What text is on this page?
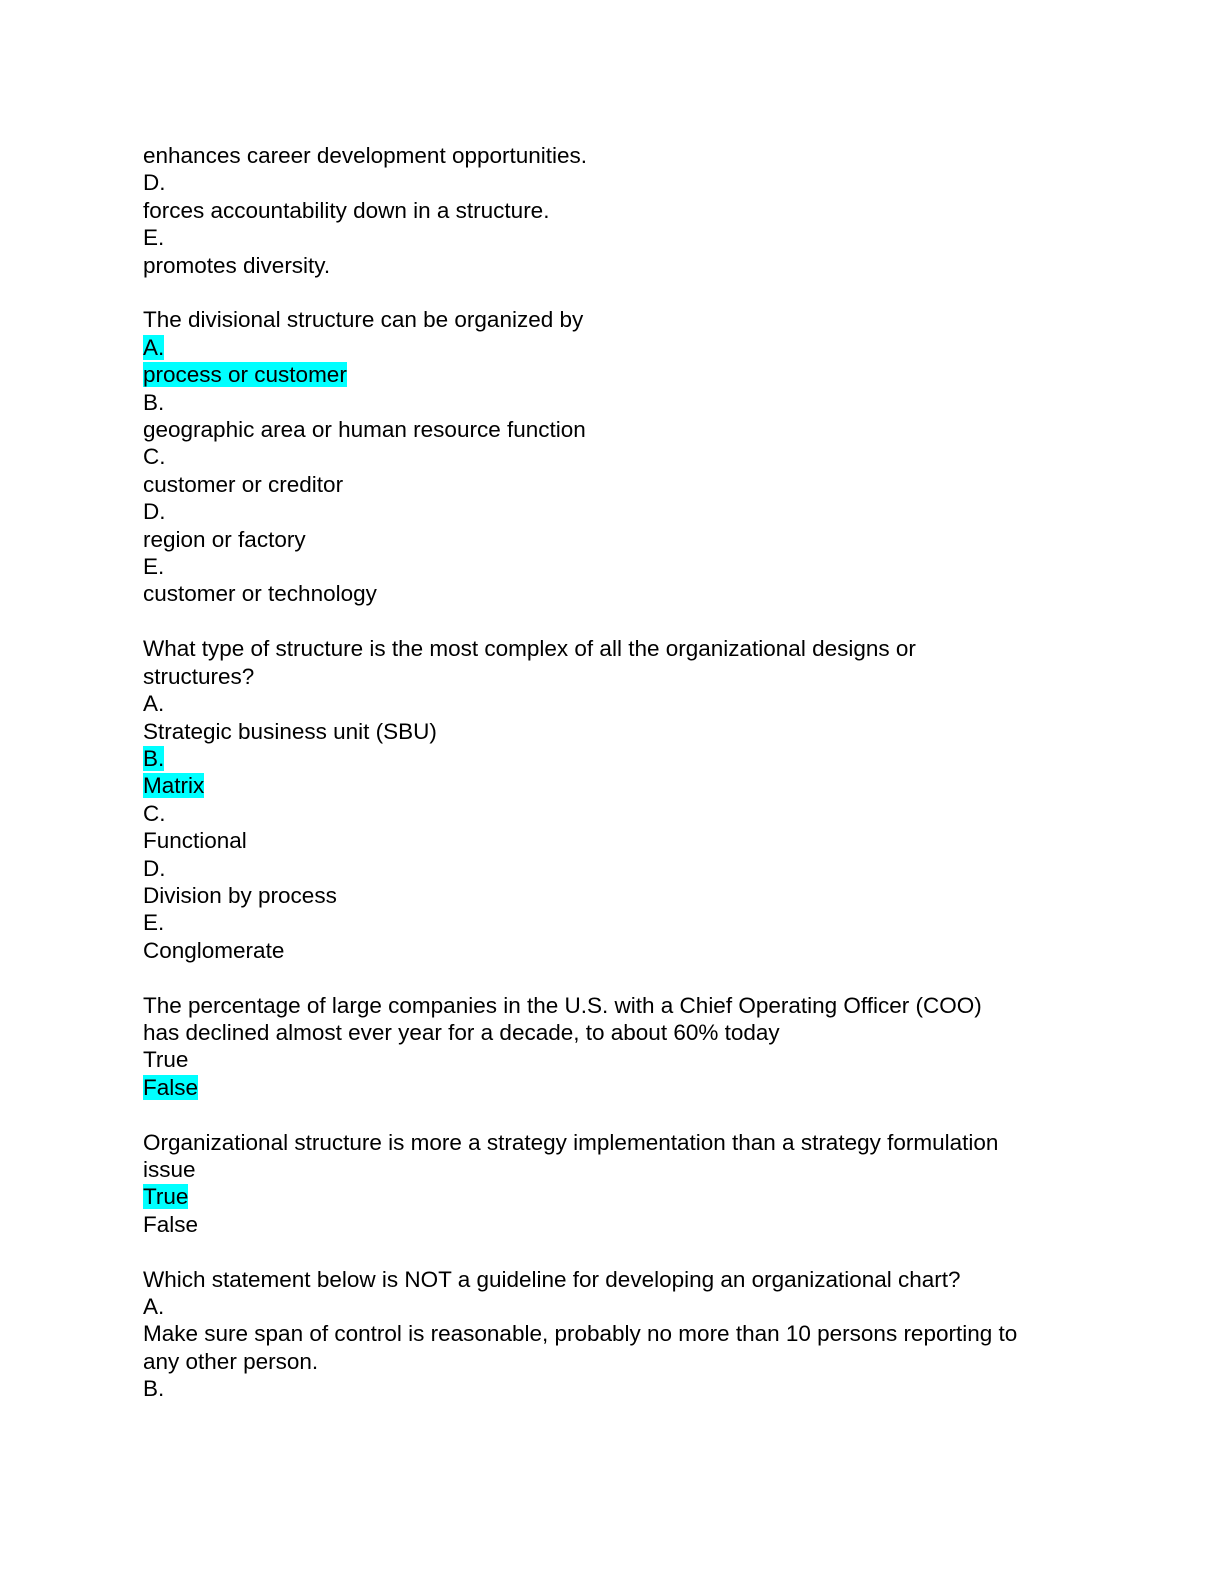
enhances career development opportunities.
D.
forces accountability down in a structure.
E.
promotes diversity.
The divisional structure can be organized by
A.
process or customer
B.
geographic area or human resource function
C.
customer or creditor
D.
region or factory
E.
customer or technology
What type of structure is the most complex of all the organizational designs or
structures?
A.
Strategic business unit (SBU)
B.
Matrix
C.
Functional
D.
Division by process
E.
Conglomerate
The percentage of large companies in the U.S. with a Chief Operating Officer (COO)
has declined almost ever year for a decade, to about 60% today
True
False
Organizational structure is more a strategy implementation than a strategy formulation
issue
True
False
Which statement below is NOT a guideline for developing an organizational chart?
A.
Make sure span of control is reasonable, probably no more than 10 persons reporting to
any other person.
B.
